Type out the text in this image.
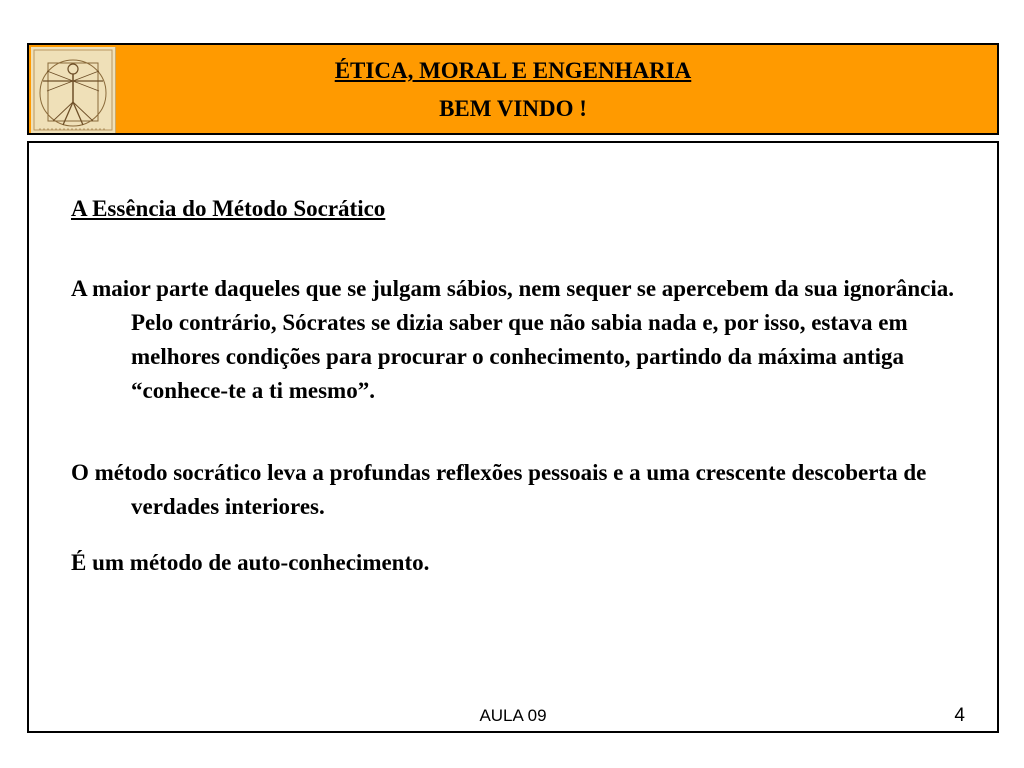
ÉTICA, MORAL E ENGENHARIA
BEM VINDO !
A Essência do Método Socrático
A maior parte daqueles que se julgam sábios, nem sequer se apercebem da sua ignorância. Pelo contrário, Sócrates se dizia saber que não sabia nada e, por isso, estava em melhores condições para procurar o conhecimento, partindo da máxima antiga “conhece-te a ti mesmo”.
O método socrático leva a profundas reflexões pessoais e a uma crescente descoberta de verdades interiores.
É um método de auto-conhecimento.
AULA 09	4
